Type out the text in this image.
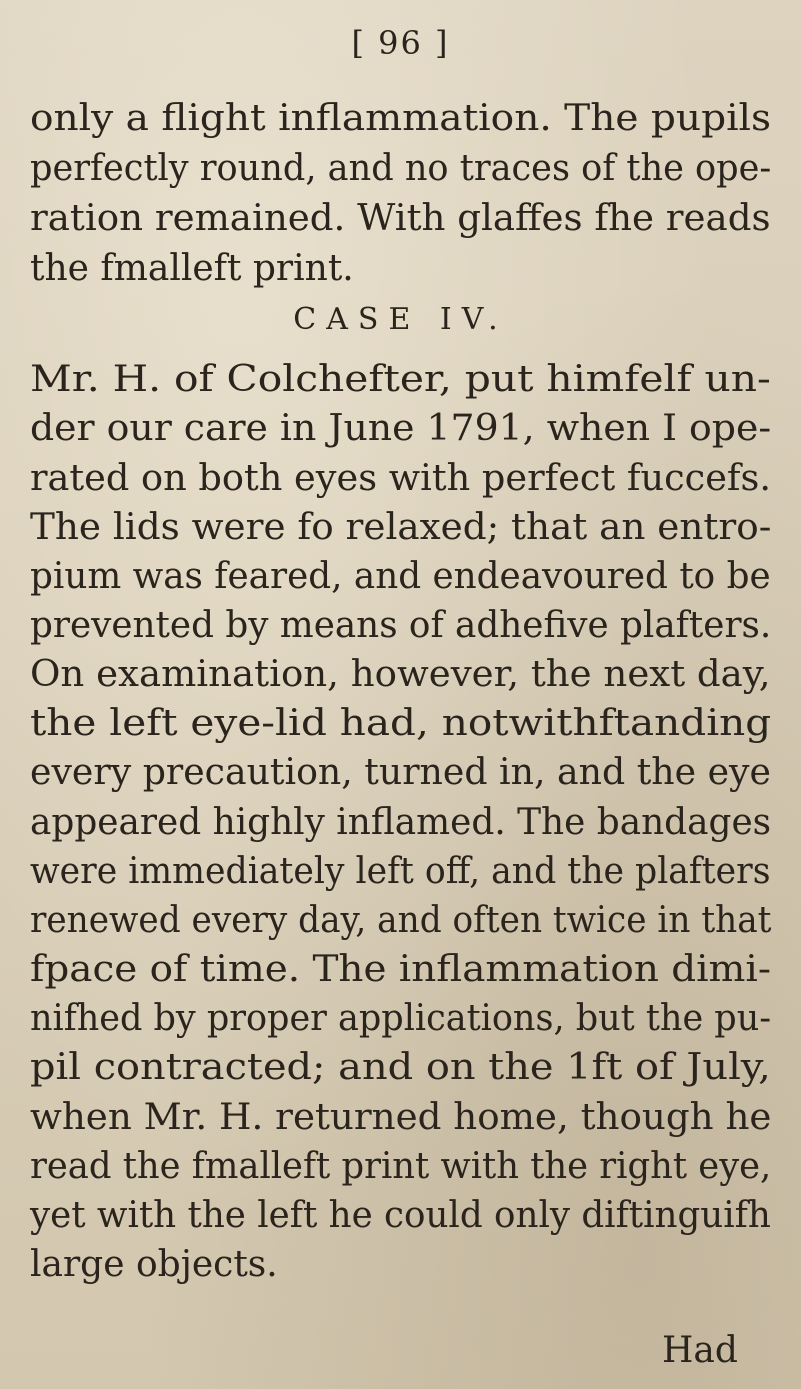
[ 96 ]
only a flight inflammation. The pupils
perfectly round, and no traces of the ope-
ration remained. With glaffes fhe reads
the fmalleft print.
CASE IV.
Mr. H. of Colchefter, put himfelf un-
der our care in June 1791, when I ope-
rated on both eyes with perfect fuccefs.
The lids were fo relaxed; that an entro-
pium was feared, and endeavoured to be
prevented by means of adhefive plafters.
On examination, however, the next day,
the left eye-lid had, notwithftanding
every precaution, turned in, and the eye
appeared highly inflamed. The bandages
were immediately left off, and the plafters
renewed every day, and often twice in that
fpace of time. The inflammation dimi-
nifhed by proper applications, but the pu-
pil contracted; and on the 1ft of July,
when Mr. H. returned home, though he
read the fmalleft print with the right eye,
yet with the left he could only diftinguifh
large objects.
Had
